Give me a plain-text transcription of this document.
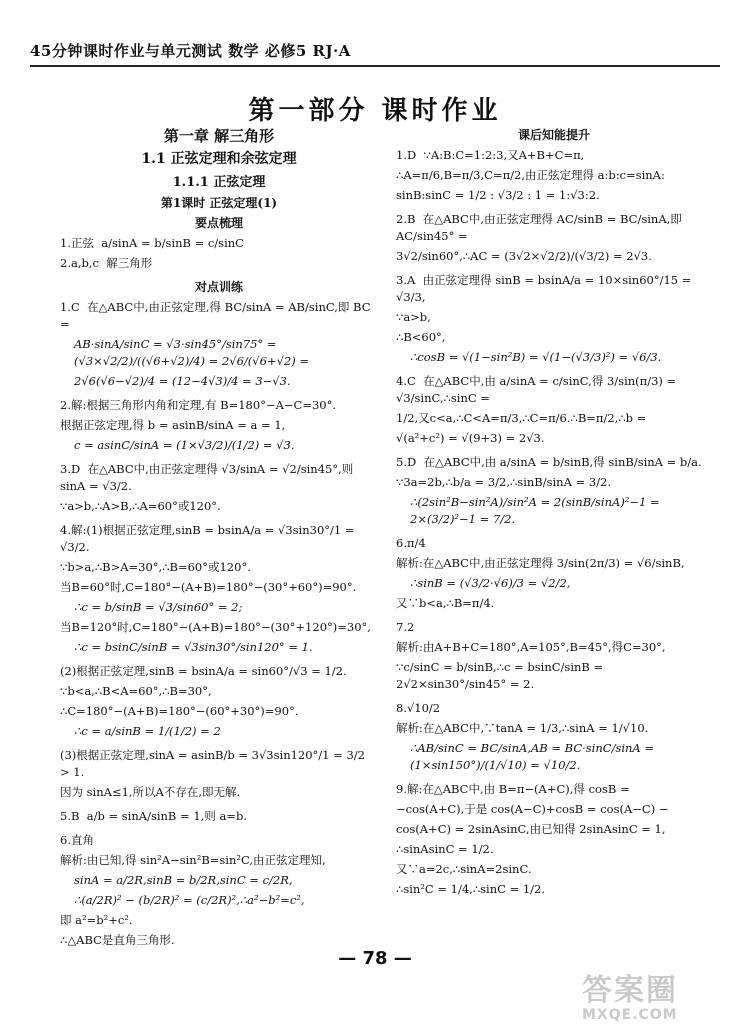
45分钟课时作业与单元测试 数学 必修5 RJ·A
第一部分 课时作业
第一章 解三角形
1.1 正弦定理和余弦定理
1.1.1 正弦定理
第1课时 正弦定理(1)
要点梳理
1.正弦  a/sinA = b/sinB = c/sinC
2.a,b,c  解三角形
对点训练
1.C  在△ABC中,由正弦定理,得 BC/sinA = AB/sinC,即 BC =
AB·sinA/sinC = √3·sin45°/sin75° = (√3×√2/2)/((√6+√2)/4) = 2√6/(√6+√2) =
2√6(√6−√2)/4 = (12−4√3)/4 = 3−√3.
2.解:根据三角形内角和定理,有 B=180°−A−C=30°.
根据正弦定理,得 b = asinB/sinA = a = 1,
c = asinC/sinA = (1×√3/2)/(1/2) = √3.
3.D  在△ABC中,由正弦定理得 √3/sinA = √2/sin45°,则 sinA = √3/2.
∵a>b,∴A>B,∴A=60°或120°.
4.解:(1)根据正弦定理,sinB = bsinA/a = √3sin30°/1 = √3/2.
∵b>a,∴B>A=30°,∴B=60°或120°.
当B=60°时,C=180°−(A+B)=180°−(30°+60°)=90°.
∴c = b/sinB = √3/sin60° = 2;
当B=120°时,C=180°−(A+B)=180°−(30°+120°)=30°,
∴c = bsinC/sinB = √3sin30°/sin120° = 1.
(2)根据正弦定理,sinB = bsinA/a = sin60°/√3 = 1/2.
∵b<a,∴B<A=60°,∴B=30°,
∴C=180°−(A+B)=180°−(60°+30°)=90°.
∴c = a/sinB = 1/(1/2) = 2
(3)根据正弦定理,sinA = asinB/b = 3√3sin120°/1 = 3/2 > 1.
因为 sinA≤1,所以A不存在,即无解.
5.B  a/b = sinA/sinB = 1,则 a=b.
6.直角
解析:由已知,得 sin²A−sin²B=sin²C,由正弦定理知,
sinA = a/2R,sinB = b/2R,sinC = c/2R,
∴(a/2R)² − (b/2R)² = (c/2R)²,∴a²−b²=c²,
即 a²=b²+c².
∴△ABC是直角三角形.
课后知能提升
1.D  ∵A:B:C=1:2:3,又A+B+C=π,
∴A=π/6,B=π/3,C=π/2,由正弦定理得 a:b:c=sinA:
sinB:sinC = 1/2 : √3/2 : 1 = 1:√3:2.
2.B  在△ABC中,由正弦定理得 AC/sinB = BC/sinA,即 AC/sin45° =
3√2/sin60°,∴AC = (3√2×√2/2)/(√3/2) = 2√3.
3.A  由正弦定理得 sinB = bsinA/a = 10×sin60°/15 = √3/3,
∵a>b,
∴B<60°,
∴cosB = √(1−sin²B) = √(1−(√3/3)²) = √6/3.
4.C  在△ABC中,由 a/sinA = c/sinC,得 3/sin(π/3) = √3/sinC,∴sinC =
1/2,又c<a,∴C<A=π/3,∴C=π/6.∴B=π/2,∴b =
√(a²+c²) = √(9+3) = 2√3.
5.D  在△ABC中,由 a/sinA = b/sinB,得 sinB/sinA = b/a.
∵3a=2b,∴b/a = 3/2,∴sinB/sinA = 3/2.
∴(2sin²B−sin²A)/sin²A = 2(sinB/sinA)²−1 = 2×(3/2)²−1 = 7/2.
6.π/4
解析:在△ABC中,由正弦定理得 3/sin(2π/3) = √6/sinB,
∴sinB = (√3/2·√6)/3 = √2/2,
又∵b<a,∴B=π/4.
7.2
解析:由A+B+C=180°,A=105°,B=45°,得C=30°,
∵c/sinC = b/sinB,∴c = bsinC/sinB = 2√2×sin30°/sin45° = 2.
8.√10/2
解析:在△ABC中,∵tanA = 1/3,∴sinA = 1/√10.
∴AB/sinC = BC/sinA,AB = BC·sinC/sinA = (1×sin150°)/(1/√10) = √10/2.
9.解:在△ABC中,由 B=π−(A+C),得 cosB =
−cos(A+C),于是 cos(A−C)+cosB = cos(A−C) −
cos(A+C) = 2sinAsinC,由已知得 2sinAsinC = 1,
∴sinAsinC = 1/2.
又∵a=2c,∴sinA=2sinC.
∴sin²C = 1/4,∴sinC = 1/2.
— 78 —
答案圈
MXQE.COM
